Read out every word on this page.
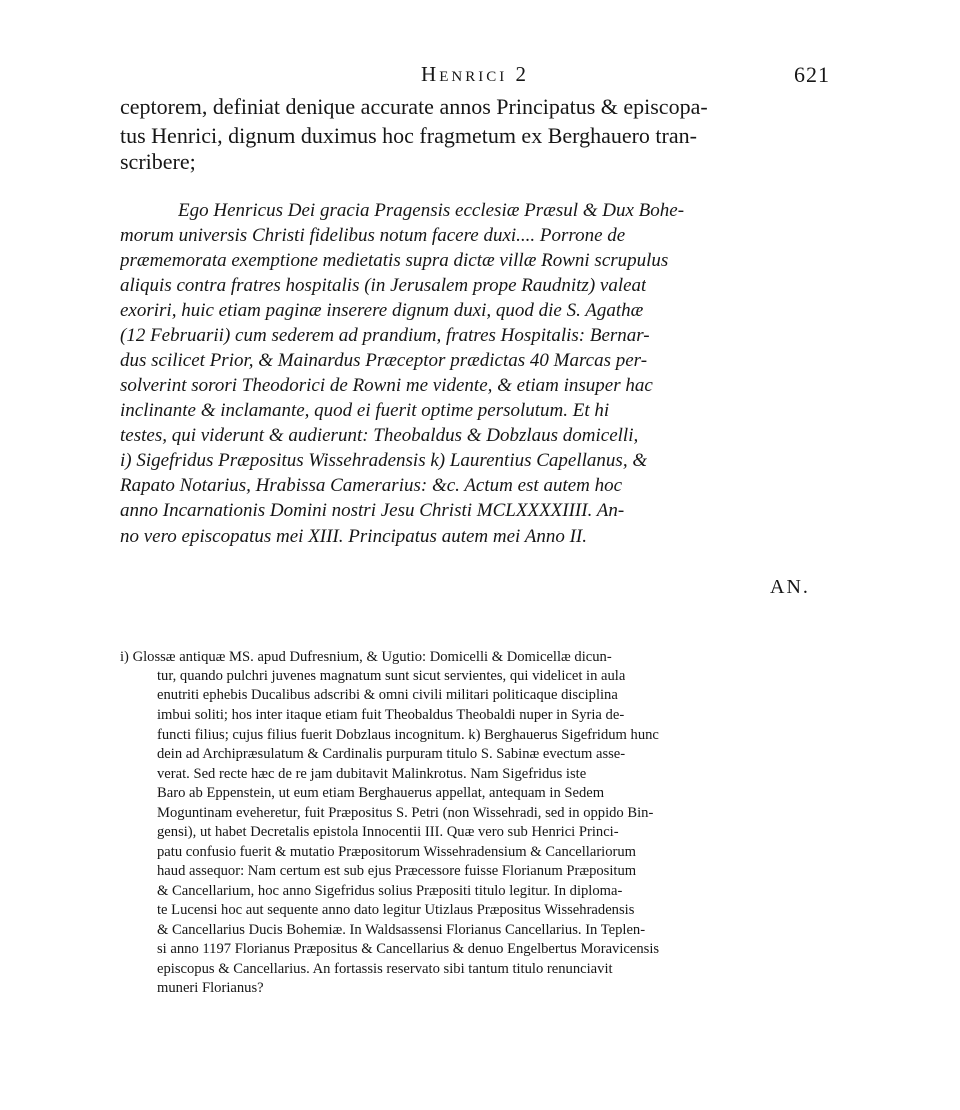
Henrici 2	621
ceptorem, definiat denique accurate annos Principatus & episcopa-
tus Henrici, dignum duximus hoc fragmetum ex Berghauero tran-
scribere;
Ego Henricus Dei gracia Pragensis ecclesiæ Præsul & Dux Bohe-
morum universis Christi fidelibus notum facere duxi.... Porrone de
præmemorata exemptione medietatis supra dictæ villæ Rowni scrupulus
aliquis contra fratres hospitalis (in Jerusalem prope Raudnitz) valeat
exoriri, huic etiam paginæ inserere dignum duxi, quod die S. Agathæ
(12 Februarii) cum sederem ad prandium, fratres Hospitalis: Bernar-
dus scilicet Prior, & Mainardus Præceptor prædictas 40 Marcas per-
solverint sorori Theodorici de Rowni me vidente, & etiam insuper hac
inclinante & inclamante, quod ei fuerit optime persolutum. Et hi
testes, qui viderunt & audierunt: Theobaldus & Dobzlaus domicelli,
i) Sigefridus Præpositus Wissehradensis k) Laurentius Capellanus, &
Rapato Notarius, Hrabissa Camerarius: &c. Actum est autem hoc
anno Incarnationis Domini nostri Jesu Christi MCLXXXXIIII. An-
no vero episcopatus mei XIII. Principatus autem mei Anno II.
AN.
i) Glossæ antiquæ MS. apud Dufresnium, & Ugutio: Domicelli & Domicellæ dicun-
tur, quando pulchri juvenes magnatum sunt sicut servientes, qui videlicet in aula
enutriti ephebis Ducalibus adscribi & omni civili militari politicaque disciplina
imbui soliti; hos inter itaque etiam fuit Theobaldus Theobaldi nuper in Syria de-
functi filius; cujus filius fuerit Dobzlaus incognitum. k) Berghauerus Sigefridum hunc
dein ad Archipræsulatum & Cardinalis purpuram titulo S. Sabinæ evectum asse-
verat. Sed recte hæc de re jam dubitavit Malinkrotus. Nam Sigefridus iste
Baro ab Eppenstein, ut eum etiam Berghauerus appellat, antequam in Sedem
Moguntinam eveheretur, fuit Præpositus S. Petri (non Wissehradi, sed in oppido Bin-
gensi), ut habet Decretalis epistola Innocentii III. Quæ vero sub Henrici Princi-
patu confusio fuerit & mutatio Præpositorum Wissehradensium & Cancellariorum
haud assequor: Nam certum est sub ejus Præcessore fuisse Florianum Præpositum
& Cancellarium, hoc anno Sigefridus solius Præpositi titulo legitur. In diploma-
te Lucensi hoc aut sequente anno dato legitur Utizlaus Præpositus Wissehradensis
& Cancellarius Ducis Bohemiæ. In Waldsassensi Florianus Cancellarius. In Teplen-
si anno 1197 Florianus Præpositus & Cancellarius & denuo Engelbertus Moravicensis
episcopus & Cancellarius. An fortassis reservato sibi tantum titulo renunciavit
muneri Florianus?
